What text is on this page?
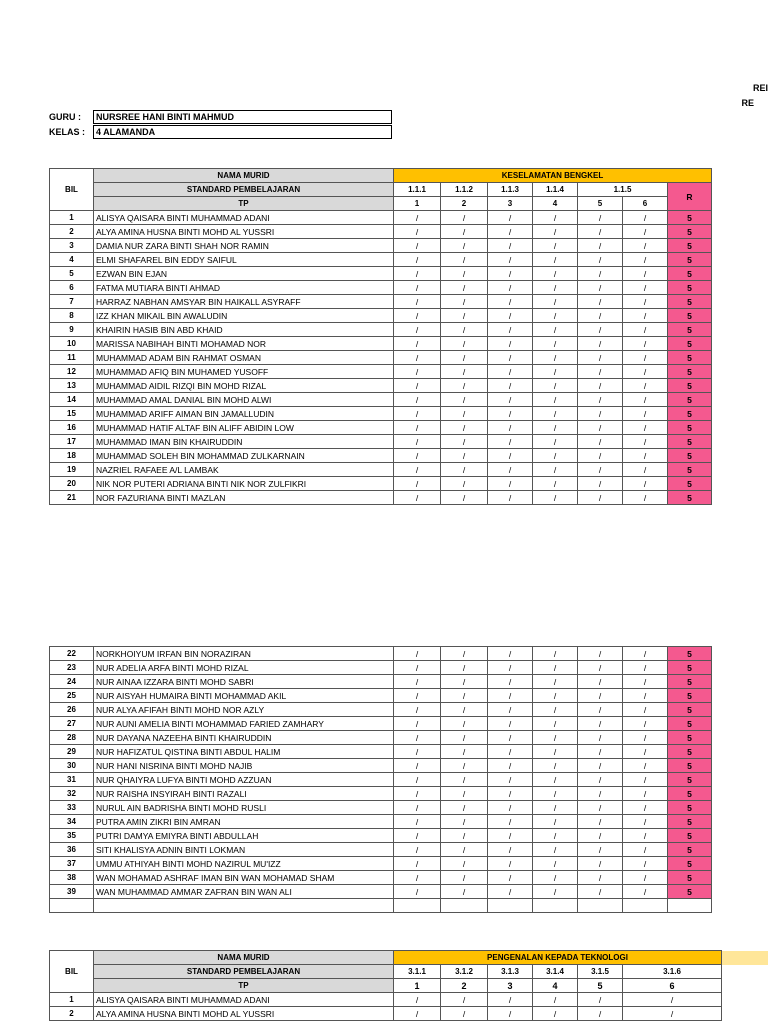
REI
RE
GURU :	NURSREE HANI BINTI MAHMUD
KELAS :	4 ALAMANDA
BIL	NAMA MURID	KESELAMATAN BENGKEL						
	STANDARD PEMBELAJARAN	1.1.1	1.1.2	1.1.3	1.1.4	1.1.5		R
	TP	1	2	3	4	5	6	
1	ALISYA QAISARA BINTI MUHAMMAD ADANI	/	/	/	/	/	/	5
2	ALYA AMINA HUSNA BINTI MOHD AL YUSSRI	/	/	/	/	/	/	5
3	DAMIA NUR ZARA BINTI SHAH NOR RAMIN	/	/	/	/	/	/	5
4	ELMI SHAFAREL BIN EDDY SAIFUL	/	/	/	/	/	/	5
5	EZWAN BIN EJAN	/	/	/	/	/	/	5
6	FATMA MUTIARA BINTI AHMAD	/	/	/	/	/	/	5
7	HARRAZ NABHAN AMSYAR BIN HAIKALL ASYRAFF	/	/	/	/	/	/	5
8	IZZ KHAN MIKAIL BIN AWALUDIN	/	/	/	/	/	/	5
9	KHAIRIN HASIB BIN ABD KHAID	/	/	/	/	/	/	5
10	MARISSA NABIHAH BINTI MOHAMAD NOR	/	/	/	/	/	/	5
11	MUHAMMAD ADAM BIN RAHMAT OSMAN	/	/	/	/	/	/	5
12	MUHAMMAD AFIQ BIN MUHAMED YUSOFF	/	/	/	/	/	/	5
13	MUHAMMAD AIDIL RIZQI BIN MOHD RIZAL	/	/	/	/	/	/	5
14	MUHAMMAD AMAL DANIAL BIN MOHD ALWI	/	/	/	/	/	/	5
15	MUHAMMAD ARIFF AIMAN BIN JAMALLUDIN	/	/	/	/	/	/	5
16	MUHAMMAD HATIF ALTAF BIN ALIFF ABIDIN LOW	/	/	/	/	/	/	5
17	MUHAMMAD IMAN BIN KHAIRUDDIN	/	/	/	/	/	/	5
18	MUHAMMAD SOLEH BIN MOHAMMAD ZULKARNAIN	/	/	/	/	/	/	5
19	NAZRIEL RAFAEE A/L LAMBAK	/	/	/	/	/	/	5
20	NIK NOR PUTERI ADRIANA BINTI NIK NOR ZULFIKRI	/	/	/	/	/	/	5
21	NOR FAZURIANA BINTI MAZLAN	/	/	/	/	/	/	5
22	NORKHOIYUM IRFAN BIN NORAZIRAN	/	/	/	/	/	/	5
23	NUR ADELIA ARFA BINTI MOHD RIZAL	/	/	/	/	/	/	5
24	NUR AINAA IZZARA BINTI MOHD SABRI	/	/	/	/	/	/	5
25	NUR AISYAH HUMAIRA BINTI MOHAMMAD AKIL	/	/	/	/	/	/	5
26	NUR ALYA AFIFAH BINTI MOHD NOR AZLY	/	/	/	/	/	/	5
27	NUR AUNI AMELIA BINTI MOHAMMAD FARIED ZAMHARY	/	/	/	/	/	/	5
28	NUR DAYANA NAZEEHA BINTI KHAIRUDDIN	/	/	/	/	/	/	5
29	NUR HAFIZATUL QISTINA BINTI ABDUL HALIM	/	/	/	/	/	/	5
30	NUR HANI NISRINA BINTI MOHD NAJIB	/	/	/	/	/	/	5
31	NUR QHAIYRA LUFYA BINTI MOHD AZZUAN	/	/	/	/	/	/	5
32	NUR RAISHA INSYIRAH BINTI RAZALI	/	/	/	/	/	/	5
33	NURUL AIN BADRISHA BINTI MOHD RUSLI	/	/	/	/	/	/	5
34	PUTRA AMIN ZIKRI BIN AMRAN	/	/	/	/	/	/	5
35	PUTRI DAMYA EMIYRA BINTI ABDULLAH	/	/	/	/	/	/	5
36	SITI KHALISYA ADNIN BINTI LOKMAN	/	/	/	/	/	/	5
37	UMMU ATHIYAH BINTI MOHD NAZIRUL MU'IZZ	/	/	/	/	/	/	5
38	WAN MOHAMAD ASHRAF IMAN BIN WAN MOHAMAD SHAM	/	/	/	/	/	/	5
39	WAN MUHAMMAD AMMAR ZAFRAN BIN WAN ALI	/	/	/	/	/	/	5

BIL	NAMA MURID	PENGENALAN KEPADA TEKNOLOGI					
	STANDARD PEMBELAJARAN	3.1.1	3.1.2	3.1.3	3.1.4	3.1.5	3.1.6
	TP	1	2	3	4	5	6
1	ALISYA QAISARA BINTI MUHAMMAD ADANI	/	/	/	/	/	/
2	ALYA AMINA HUSNA BINTI MOHD AL YUSSRI	/	/	/	/	/	/
